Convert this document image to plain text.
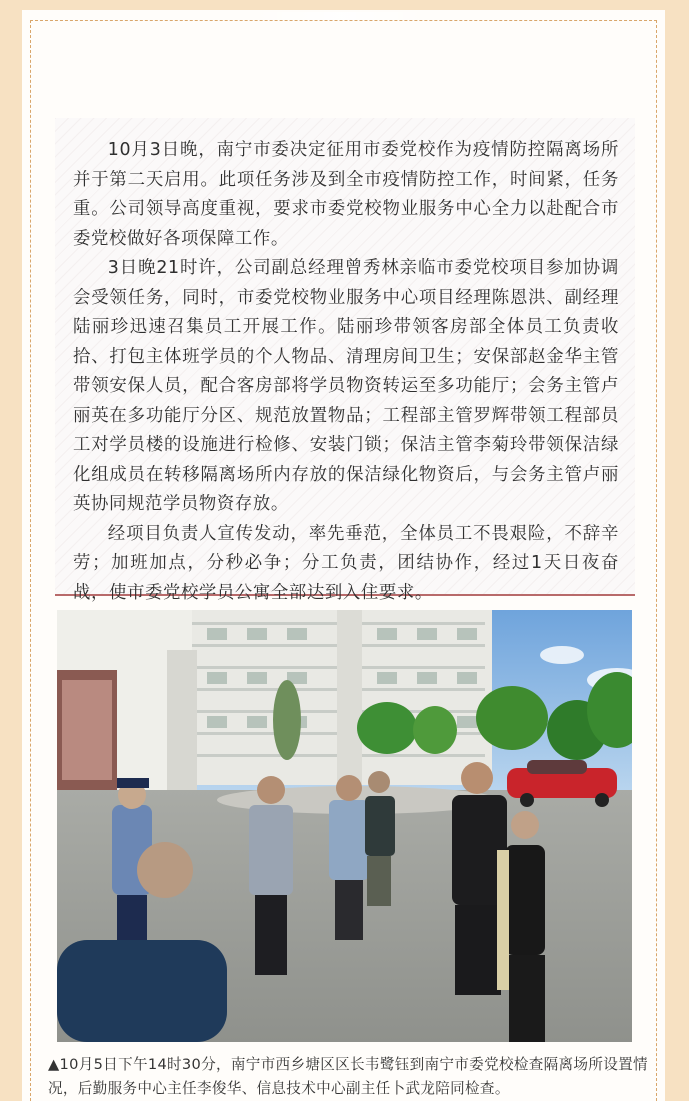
10月3日晚，南宁市委决定征用市委党校作为疫情防控隔离场所并于第二天启用。此项任务涉及到全市疫情防控工作，时间紧，任务重。公司领导高度重视，要求市委党校物业服务中心全力以赴配合市委党校做好各项保障工作。

3日晚21时许，公司副总经理曾秀林亲临市委党校项目参加协调会受领任务，同时，市委党校物业服务中心项目经理陈恩洪、副经理陆丽珍迅速召集员工开展工作。陆丽珍带领客房部全体员工负责收拾、打包主体班学员的个人物品、清理房间卫生；安保部赵金华主管带领安保人员，配合客房部将学员物资转运至多功能厅；会务主管卢丽英在多功能厅分区、规范放置物品；工程部主管罗辉带领工程部员工对学员楼的设施进行检修、安装门锁；保洁主管李菊玲带领保洁绿化组成员在转移隔离场所内存放的保洁绿化物资后，与会务主管卢丽英协同规范学员物资存放。

经项目负责人宣传发动，率先垂范，全体员工不畏艰险，不辞辛劳；加班加点，分秒必争；分工负责，团结协作，经过1天日夜奋战，使市委党校学员公寓全部达到入住要求。

▲10月5日下午14时30分，南宁市西乡塘区区长韦鹭钰到南宁市委党校检查隔离场所设置情况，后勤服务中心主任李俊华、信息技术中心副主任卜武龙陪同检查。
